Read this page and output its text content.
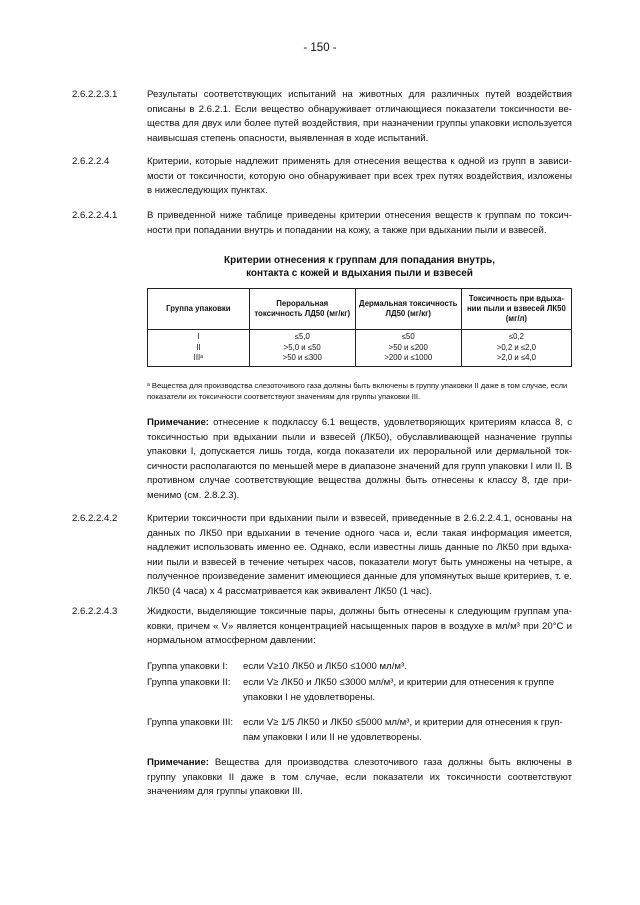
- 150 -
2.6.2.2.3.1	Результаты соответствующих испытаний на животных для различных путей воздействия описаны в 2.6.2.1. Если вещество обнаруживает отличающиеся показатели токсичности вещества для двух или более путей воздействия, при назначении группы упаковки используется наивысшая степень опасности, выявленная в ходе испытаний.
2.6.2.2.4	Критерии, которые надлежит применять для отнесения вещества к одной из групп в зависимости от токсичности, которую оно обнаруживает при всех трех путях воздействия, изложены в нижеследующих пунктах.
2.6.2.2.4.1	В приведенной ниже таблице приведены критерии отнесения веществ к группам по токсичности при попадании внутрь и попадании на кожу, а также при вдыхании пыли и взвесей.
Критерии отнесения к группам для попадания внутрь,
контакта с кожей и вдыхания пыли и взвесей
Группа упаковки	Пероральная токсичность ЛД50 (мг/кг)	Дермальная токсичность ЛД50 (мг/кг)	Токсичность при вдыхании пыли и взвесей ЛК50 (мг/л)
I	≤5,0	≤50	≤0,2
II	>5,0 и ≤50	>50 и ≤200	>0,2 и ≤2,0
IIIᵃ	>50 и ≤300	>200 и ≤1000	>2,0 и ≤4,0
ᵃ Вещества для производства слезоточивого газа должны быть включены в группу упаковки II даже в том случае, если показатели их токсичности соответствуют значениям для группы упаковки III.
Примечание: отнесение к подклассу 6.1 веществ, удовлетворяющих критериям класса 8, с токсичностью при вдыхании пыли и взвесей (ЛК50), обуславливающей назначение группы упаковки I, допускается лишь тогда, когда показатели их пероральной или дермальной токсичности располагаются по меньшей мере в диапазоне значений для групп упаковки I или II. В противном случае соответствующие вещества должны быть отнесены к классу 8, где применимо (см. 2.8.2.3).
2.6.2.2.4.2	Критерии токсичности при вдыхании пыли и взвесей, приведенные в 2.6.2.2.4.1, основаны на данных по ЛК50 при вдыхании в течение одного часа и, если такая информация имеется, надлежит использовать именно ее. Однако, если известны лишь данные по ЛК50 при вдыхании пыли и взвесей в течение четырех часов, показатели могут быть умножены на четыре, а полученное произведение заменит имеющиеся данные для упомянутых выше критериев, т. е. ЛК50 (4 часа) x 4 рассматривается как эквивалент ЛК50 (1 час).
2.6.2.2.4.3	Жидкости, выделяющие токсичные пары, должны быть отнесены к следующим группам упаковки, причем « V» является концентрацией насыщенных паров в воздухе в мл/м³ при 20°C и нормальном атмосферном давлении:
Группа упаковки I:	если V≥10 ЛК50 и ЛК50 ≤1000 мл/м³.
Группа упаковки II:	если V≥ ЛК50 и ЛК50 ≤3000 мл/м³, и критерии для отнесения к группе упаковки I не удовлетворены.
Группа упаковки III:	если V≥ 1/5 ЛК50 и ЛК50 ≤5000 мл/м³, и критерии для отнесения к группам упаковки I или II не удовлетворены.
Примечание: Вещества для производства слезоточивого газа должны быть включены в группу упаковки II даже в том случае, если показатели их токсичности соответствуют значениям для группы упаковки III.
